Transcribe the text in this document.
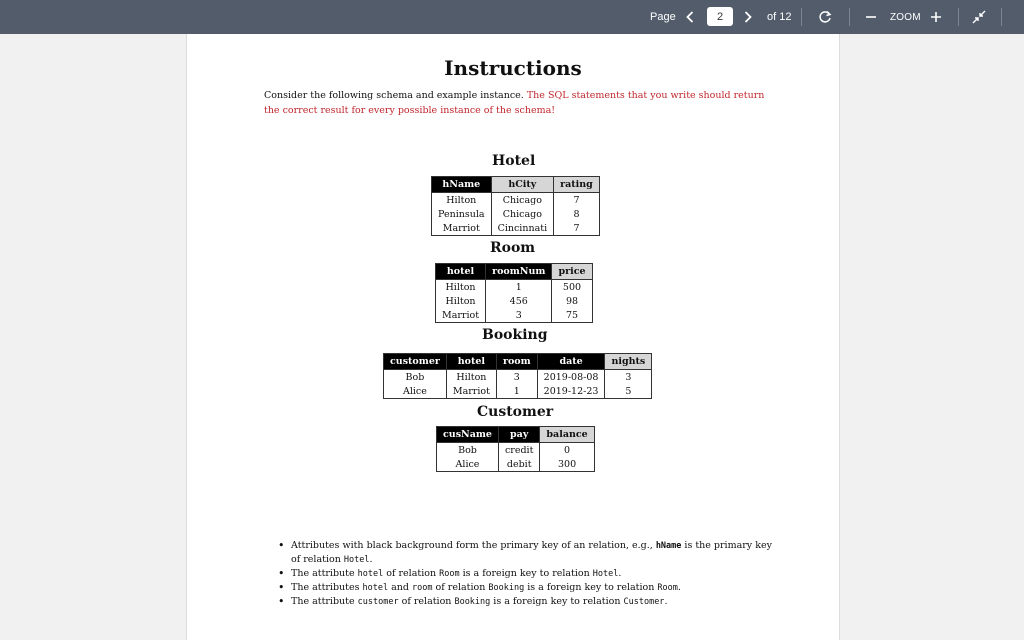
Page
2	of 12	ZOOM
Instructions
Consider the following schema and example instance. The SQL statements that you write should return the correct result for every possible instance of the schema!
Hotel
hName	hCity	rating
Hilton	Chicago	7
Peninsula	Chicago	8
Marriot	Cincinnati	7
Room
hotel	roomNum	price
Hilton	1	500
Hilton	456	98
Marriot	3	75
Booking
customer	hotel	room	date	nights
Bob	Hilton	3	2019-08-08	3
Alice	Marriot	1	2019-12-23	5
Customer
cusName	pay	balance
Bob	credit	0
Alice	debit	300
• Attributes with black background form the primary key of an relation, e.g., hName is the primary key of relation Hotel.
• The attribute hotel of relation Room is a foreign key to relation Hotel.
• The attributes hotel and room of relation Booking is a foreign key to relation Room.
• The attribute customer of relation Booking is a foreign key to relation Customer.
